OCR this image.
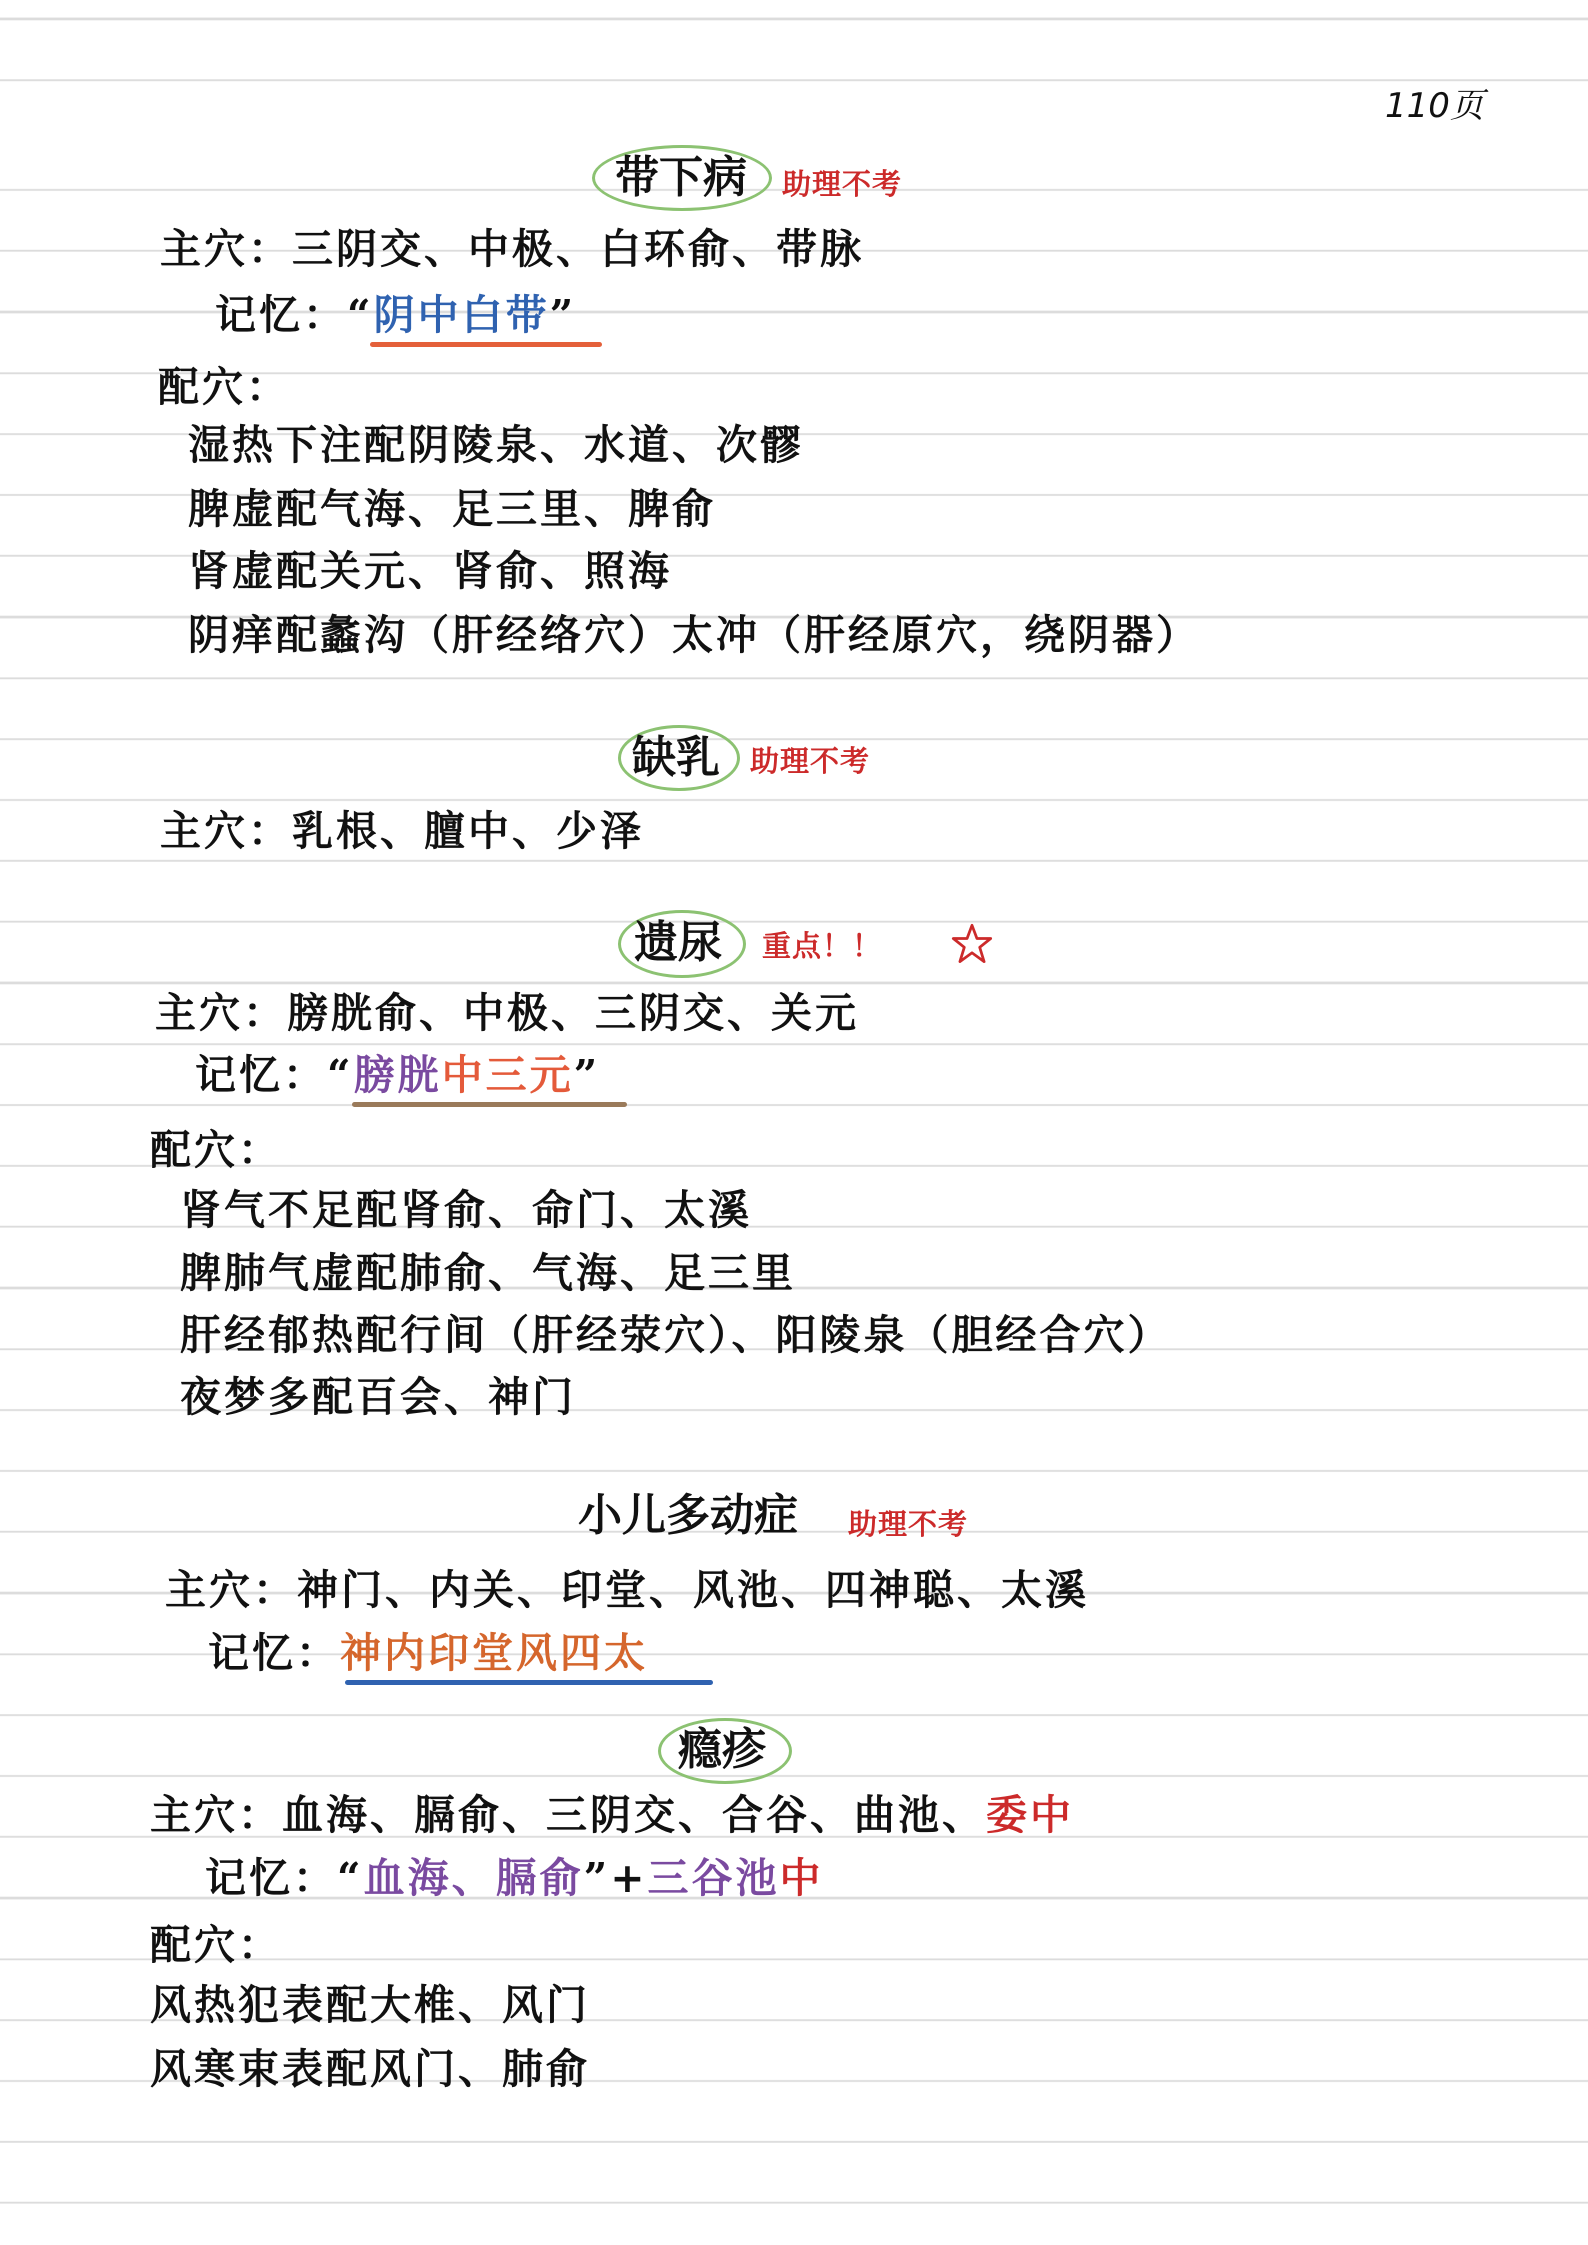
110页
带下病 助理不考
主穴：三阴交、中极、白环俞、带脉
记忆：“阴中白带”
配穴：
湿热下注配阴陵泉、水道、次髎
脾虚配气海、足三里、脾俞
肾虚配关元、肾俞、照海
阴痒配蠡沟（肝经络穴）太冲（肝经原穴，绕阴器）
缺乳 助理不考
主穴：乳根、膻中、少泽
遗尿 重点！！
主穴：膀胱俞、中极、三阴交、关元
记忆：“膀胱中三元”
配穴：
肾气不足配肾俞、命门、太溪
脾肺气虚配肺俞、气海、足三里
肝经郁热配行间（肝经荥穴）、阳陵泉（胆经合穴）
夜梦多配百会、神门
小儿多动症 助理不考
主穴：神门、内关、印堂、风池、四神聪、太溪
记忆：神内印堂风四太
瘾疹
主穴：血海、膈俞、三阴交、合谷、曲池、委中
记忆：“血海、膈俞”+三谷池中
配穴：
风热犯表配大椎、风门
风寒束表配风门、肺俞
